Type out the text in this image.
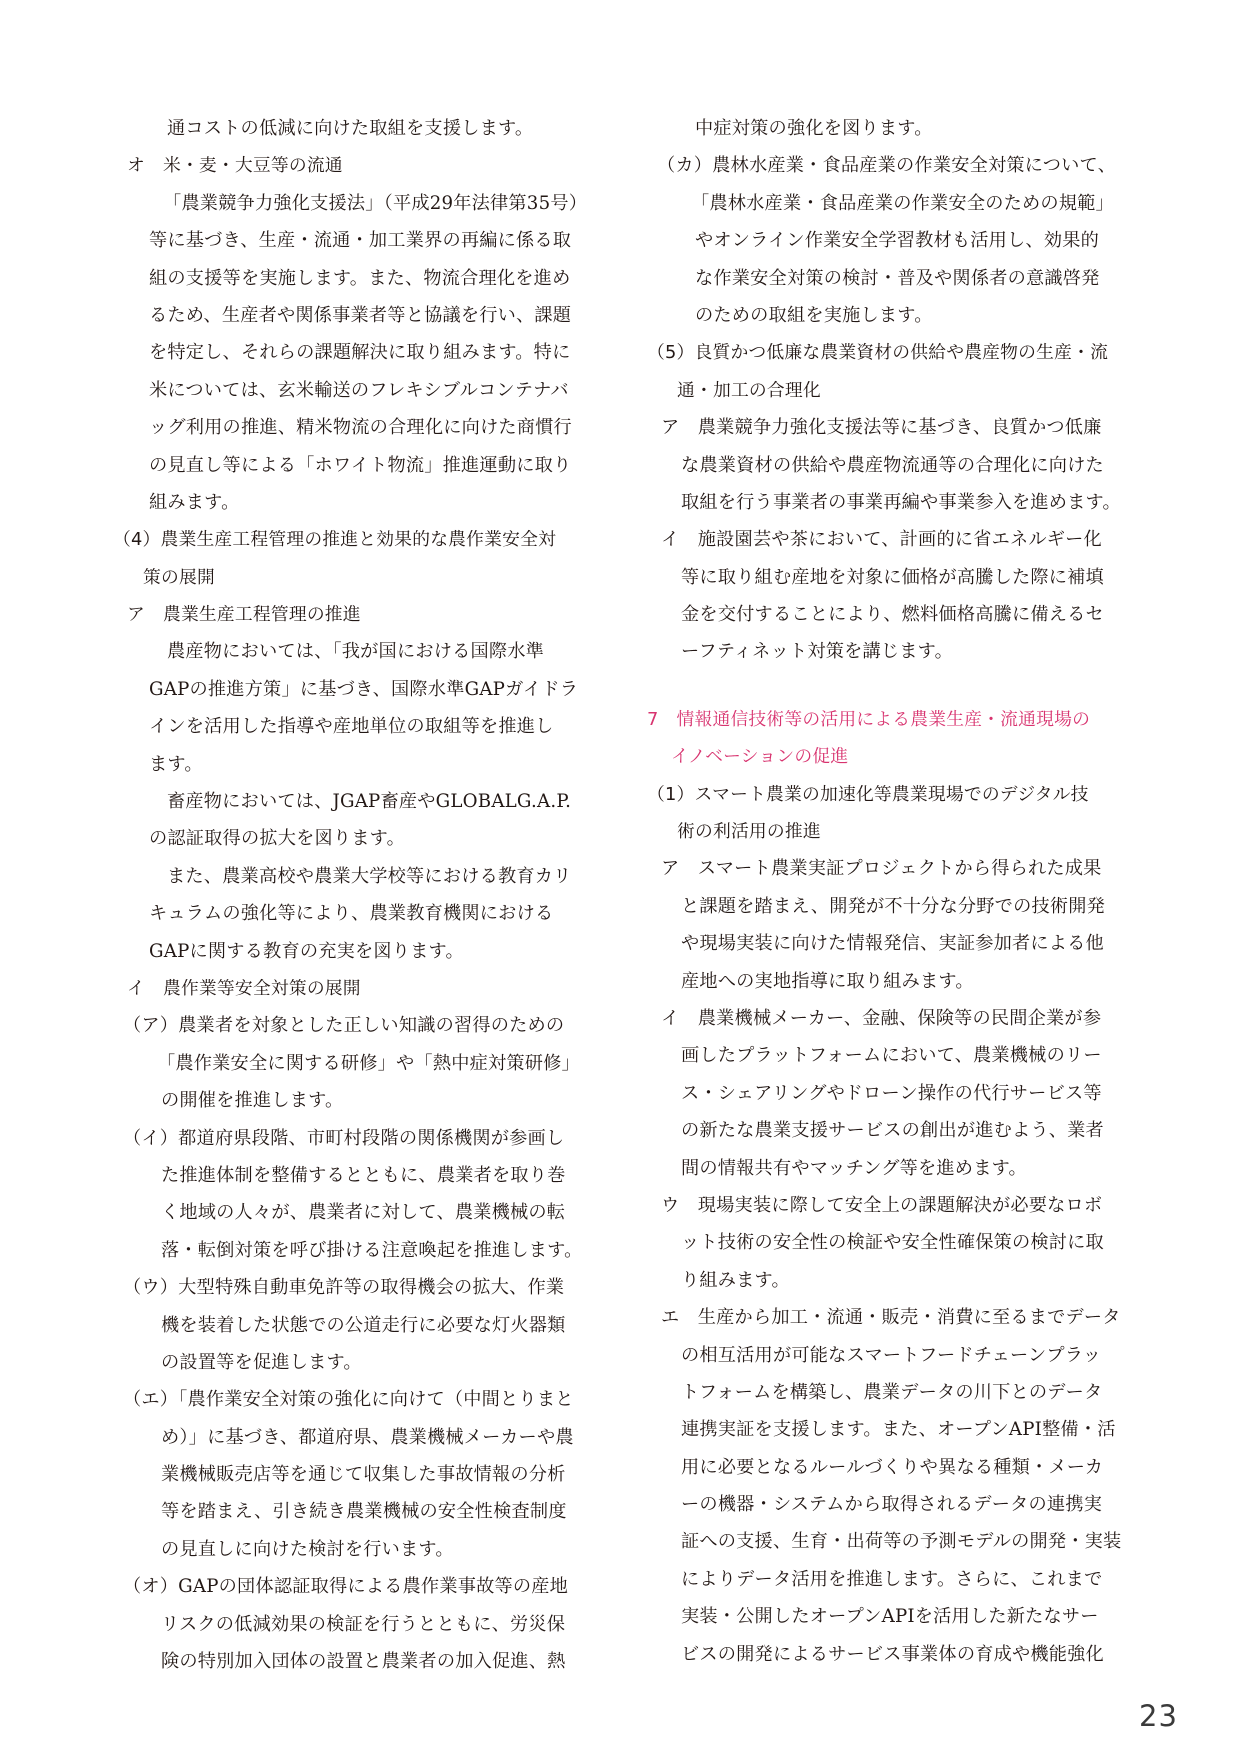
通コストの低減に向けた取組を支援します。
オ　米・麦・大豆等の流通
「農業競争力強化支援法」（平成29年法律第35号）
等に基づき、生産・流通・加工業界の再編に係る取
組の支援等を実施します。また、物流合理化を進め
るため、生産者や関係事業者等と協議を行い、課題
を特定し、それらの課題解決に取り組みます。特に
米については、玄米輸送のフレキシブルコンテナバ
ッグ利用の推進、精米物流の合理化に向けた商慣行
の見直し等による「ホワイト物流」推進運動に取り
組みます。
（4）農業生産工程管理の推進と効果的な農作業安全対
策の展開
ア　農業生産工程管理の推進
農産物においては、「我が国における国際水準
GAPの推進方策」に基づき、国際水準GAPガイドラ
インを活用した指導や産地単位の取組等を推進し
ます。
畜産物においては、JGAP畜産やGLOBALG.A.P.
の認証取得の拡大を図ります。
また、農業高校や農業大学校等における教育カリ
キュラムの強化等により、農業教育機関における
GAPに関する教育の充実を図ります。
イ　農作業等安全対策の展開
（ア）農業者を対象とした正しい知識の習得のための
「農作業安全に関する研修」や「熱中症対策研修」
の開催を推進します。
（イ）都道府県段階、市町村段階の関係機関が参画し
た推進体制を整備するとともに、農業者を取り巻
く地域の人々が、農業者に対して、農業機械の転
落・転倒対策を呼び掛ける注意喚起を推進します。
（ウ）大型特殊自動車免許等の取得機会の拡大、作業
機を装着した状態での公道走行に必要な灯火器類
の設置等を促進します。
（エ）「農作業安全対策の強化に向けて（中間とりまと
め）」に基づき、都道府県、農業機械メーカーや農
業機械販売店等を通じて収集した事故情報の分析
等を踏まえ、引き続き農業機械の安全性検査制度
の見直しに向けた検討を行います。
（オ）GAPの団体認証取得による農作業事故等の産地
リスクの低減効果の検証を行うとともに、労災保
険の特別加入団体の設置と農業者の加入促進、熱
中症対策の強化を図ります。
（カ）農林水産業・食品産業の作業安全対策について、
「農林水産業・食品産業の作業安全のための規範」
やオンライン作業安全学習教材も活用し、効果的
な作業安全対策の検討・普及や関係者の意識啓発
のための取組を実施します。
（5）良質かつ低廉な農業資材の供給や農産物の生産・流
通・加工の合理化
ア　農業競争力強化支援法等に基づき、良質かつ低廉
な農業資材の供給や農産物流通等の合理化に向けた
取組を行う事業者の事業再編や事業参入を進めます。
イ　施設園芸や茶において、計画的に省エネルギー化
等に取り組む産地を対象に価格が高騰した際に補填
金を交付することにより、燃料価格高騰に備えるセ
ーフティネット対策を講じます。
7　情報通信技術等の活用による農業生産・流通現場の
イノベーションの促進
（1）スマート農業の加速化等農業現場でのデジタル技
術の利活用の推進
ア　スマート農業実証プロジェクトから得られた成果
と課題を踏まえ、開発が不十分な分野での技術開発
や現場実装に向けた情報発信、実証参加者による他
産地への実地指導に取り組みます。
イ　農業機械メーカー、金融、保険等の民間企業が参
画したプラットフォームにおいて、農業機械のリー
ス・シェアリングやドローン操作の代行サービス等
の新たな農業支援サービスの創出が進むよう、業者
間の情報共有やマッチング等を進めます。
ウ　現場実装に際して安全上の課題解決が必要なロボ
ット技術の安全性の検証や安全性確保策の検討に取
り組みます。
エ　生産から加工・流通・販売・消費に至るまでデータ
の相互活用が可能なスマートフードチェーンプラッ
トフォームを構築し、農業データの川下とのデータ
連携実証を支援します。また、オープンAPI整備・活
用に必要となるルールづくりや異なる種類・メーカ
ーの機器・システムから取得されるデータの連携実
証への支援、生育・出荷等の予測モデルの開発・実装
によりデータ活用を推進します。さらに、これまで
実装・公開したオープンAPIを活用した新たなサー
ビスの開発によるサービス事業体の育成や機能強化
23
